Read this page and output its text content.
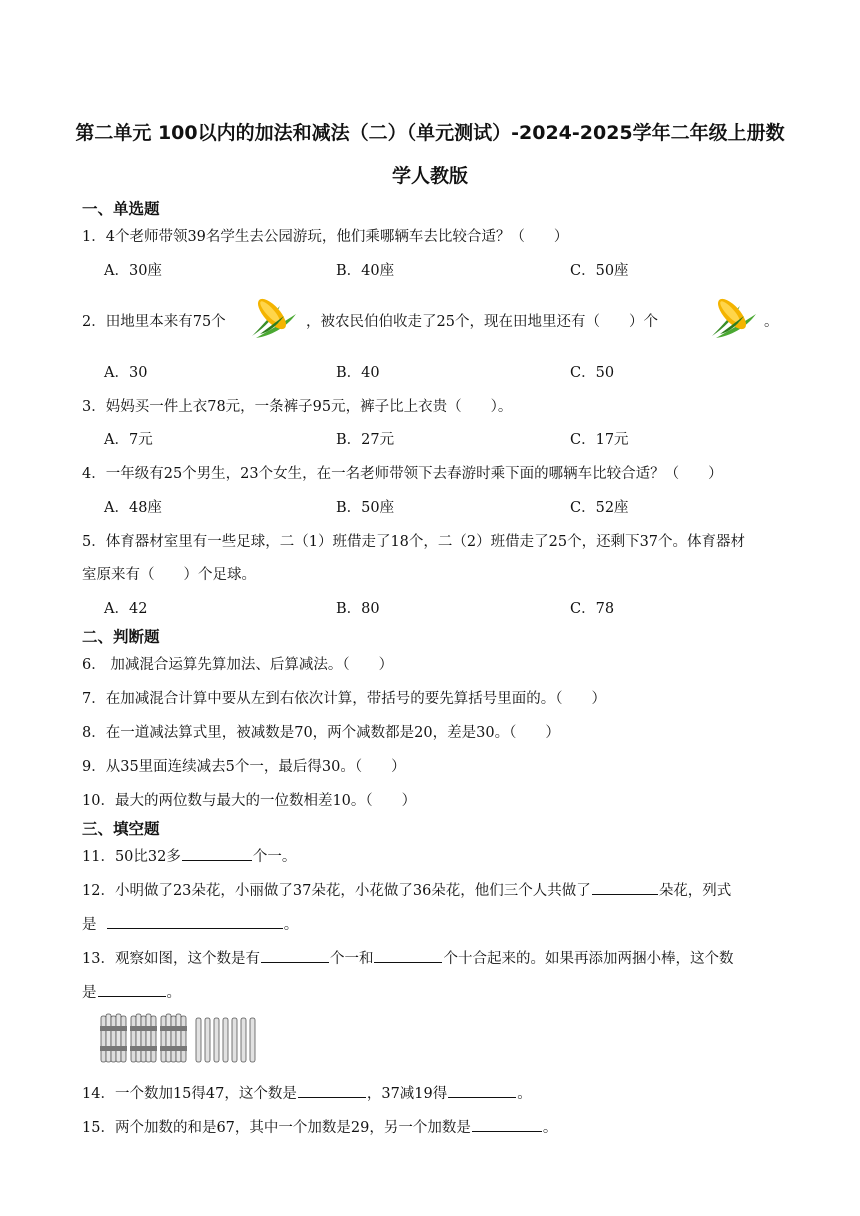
第二单元 100以内的加法和减法（二）（单元测试）-2024-2025学年二年级上册数
学人教版
一、单选题
1．4个老师带领39名学生去公园游玩，他们乘哪辆车去比较合适？（　　）
A．30座	B．40座	C．50座
2．田地里本来有75个	，被农民伯伯收走了25个，现在田地里还有（　　）个	。
A．30	B．40	C．50
3．妈妈买一件上衣78元，一条裤子95元，裤子比上衣贵（　　）。
A．7元	B．27元	C．17元
4．一年级有25个男生，23个女生，在一名老师带领下去春游时乘下面的哪辆车比较合适？（　　）
A．48座	B．50座	C．52座
5．体育器材室里有一些足球，二（1）班借走了18个，二（2）班借走了25个，还剩下37个。体育器材
室原来有（　　）个足球。
A．42	B．80	C．78
二、判断题
6． 加减混合运算先算加法、后算减法。（　　）
7．在加减混合计算中要从左到右依次计算，带括号的要先算括号里面的。（　　）
8．在一道减法算式里，被减数是70，两个减数都是20，差是30。（　　）
9．从35里面连续减去5个一，最后得30。（　　）
10．最大的两位数与最大的一位数相差10。（　　）
三、填空题
11．50比32多	个一。
12．小明做了23朵花，小丽做了37朵花，小花做了36朵花，他们三个人共做了	朵花，列式
是	。
13．观察如图，这个数是有	个一和	个十合起来的。如果再添加两捆小棒，这个数
是	。
14．一个数加15得47，这个数是	，37减19得	。
15．两个加数的和是67，其中一个加数是29，另一个加数是	。
